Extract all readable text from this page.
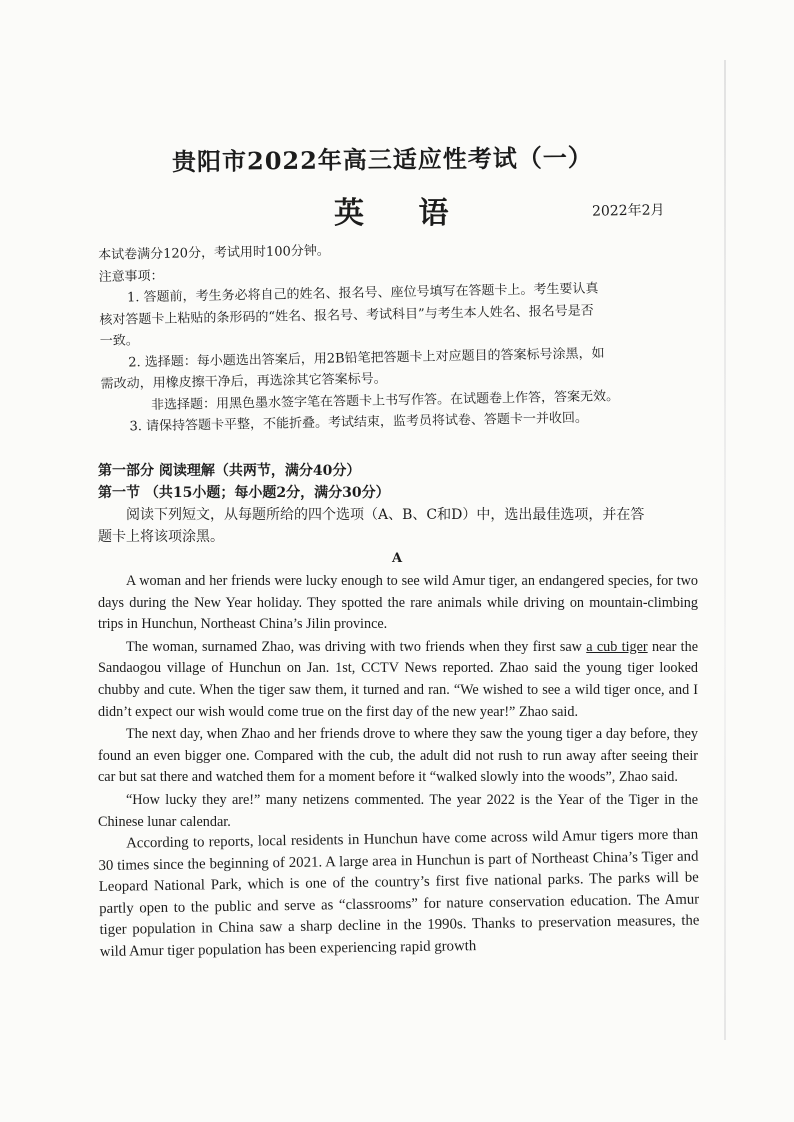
贵阳市2022年高三适应性考试（一）
英 语	2022年2月

本试卷满分120分，考试用时100分钟。

注意事项：

1. 答题前，考生务必将自己的姓名、报名号、座位号填写在答题卡上。考生要认真

核对答题卡上粘贴的条形码的“姓名、报名号、考试科目”与考生本人姓名、报名号是否

一致。

2. 选择题：每小题选出答案后，用2B铅笔把答题卡上对应题目的答案标号涂黑，如

需改动，用橡皮擦干净后，再选涂其它答案标号。

非选择题：用黑色墨水签字笔在答题卡上书写作答。在试题卷上作答，答案无效。

3. 请保持答题卡平整，不能折叠。考试结束，监考员将试卷、答题卡一并收回。

第一部分 阅读理解（共两节，满分40分）

第一节 （共15小题；每小题2分，满分30分）

阅读下列短文，从每题所给的四个选项（A、B、C和D）中，选出最佳选项，并在答

题卡上将该项涂黑。

A

A woman and her friends were lucky enough to see wild Amur tiger, an endangered species, for two days during the New Year holiday. They spotted the rare animals while driving on mountain-climbing trips in Hunchun, Northeast China’s Jilin province.

The woman, surnamed Zhao, was driving with two friends when they first saw a cub tiger near the Sandaogou village of Hunchun on Jan. 1st, CCTV News reported. Zhao said the young tiger looked chubby and cute. When the tiger saw them, it turned and ran. “We wished to see a wild tiger once, and I didn’t expect our wish would come true on the first day of the new year!” Zhao said.

The next day, when Zhao and her friends drove to where they saw the young tiger a day before, they found an even bigger one. Compared with the cub, the adult did not rush to run away after seeing their car but sat there and watched them for a moment before it “walked slowly into the woods”, Zhao said.

“How lucky they are!” many netizens commented. The year 2022 is the Year of the Tiger in the Chinese lunar calendar.

According to reports, local residents in Hunchun have come across wild Amur tigers more than 30 times since the beginning of 2021. A large area in Hunchun is part of Northeast China’s Tiger and Leopard National Park, which is one of the country’s first five national parks. The parks will be partly open to the public and serve as “classrooms” for nature conservation education. The Amur tiger population in China saw a sharp decline in the 1990s. Thanks to preservation measures, the wild Amur tiger population has been experiencing rapid growth
